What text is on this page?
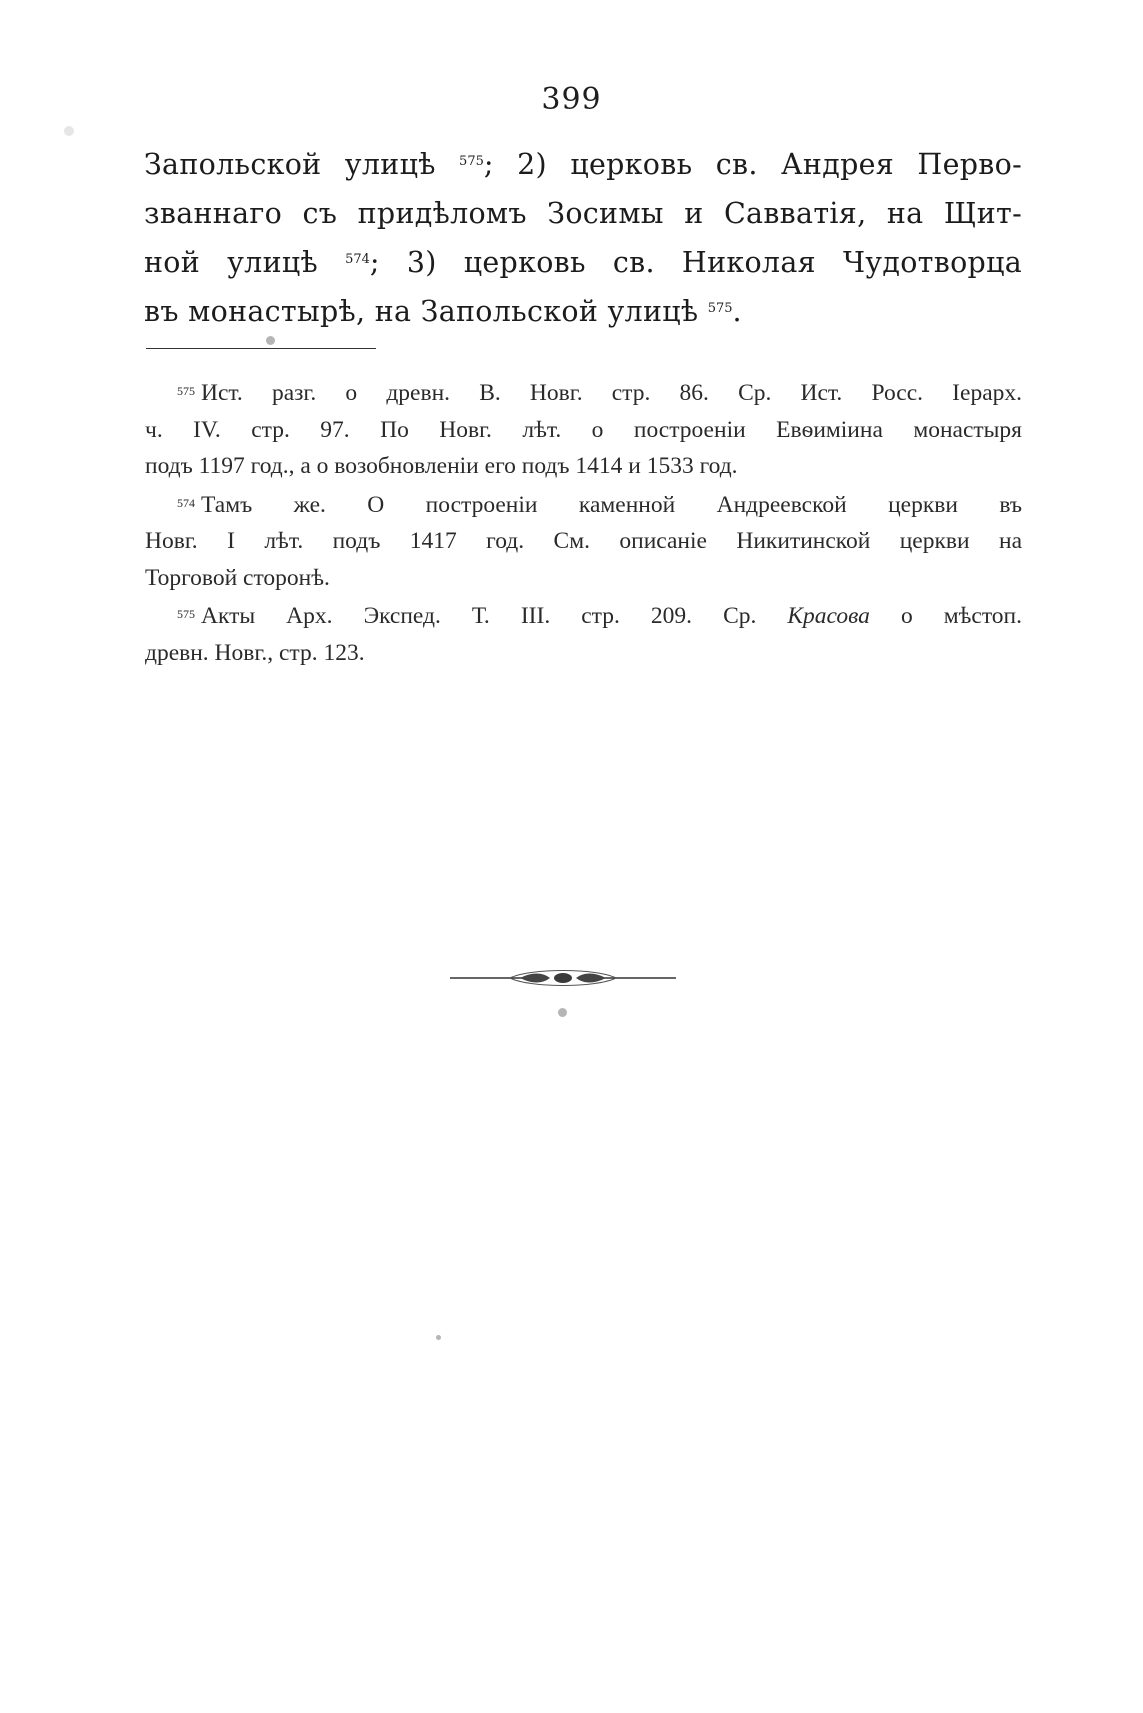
399
Запольской улицѣ $^{575}$; 2) церковь св. Андрея Перво-
званнаго съ придѣломъ Зосимы и Савватія, на Щит-
ной улицѣ $^{574}$; 3) церковь св. Николая Чудотворца
въ монастырѣ, на Запольской улицѣ $^{575}$.
$^{575}$ Ист. разг. о древн. В. Новг. стр. 86. Ср. Ист. Росс. Іерарх.
ч. IV. стр. 97. По Новг. лѣт. о построеніи Евѳиміина монастыря
подъ 1197 год., а о возобновленіи его подъ 1414 и 1533 год.
$^{574}$ Тамъ же. О построеніи каменной Андреевской церкви въ
Новг. I лѣт. подъ 1417 год. См. описаніе Никитинской церкви на
Торговой сторонѣ.
$^{575}$ Акты Арх. Экспед. Т. III. стр. 209. Ср. Красова о мѣстоп.
древн. Новг., стр. 123.
